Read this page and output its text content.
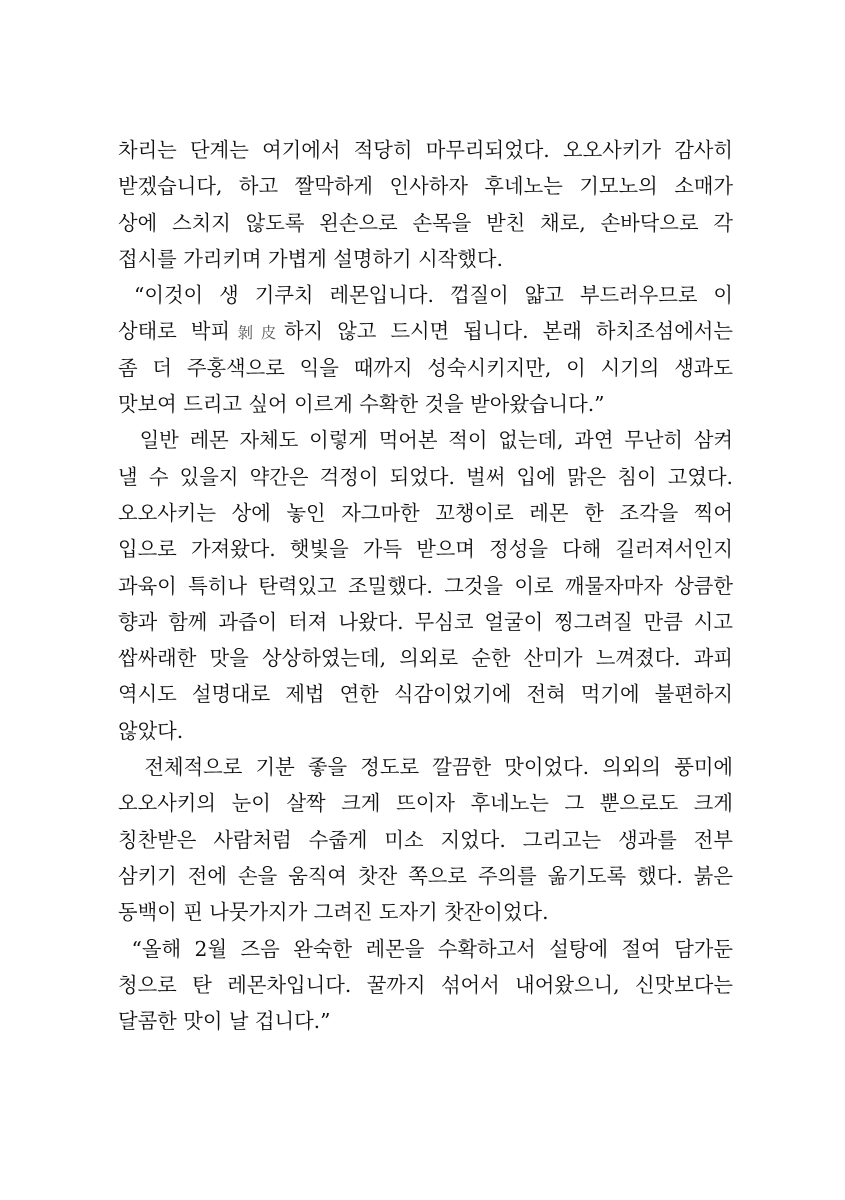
차리는 단계는 여기에서 적당히 마무리되었다. 오오사키가 감사히
받겠습니다, 하고 짤막하게 인사하자 후네노는 기모노의 소매가
상에 스치지 않도록 왼손으로 손목을 받친 채로, 손바닥으로 각
접시를 가리키며 가볍게 설명하기 시작했다.
“이것이 생 기쿠치 레몬입니다. 껍질이 얇고 부드러우므로 이
상태로 박피剝皮하지 않고 드시면 됩니다. 본래 하치조섬에서는
좀 더 주홍색으로 익을 때까지 성숙시키지만, 이 시기의 생과도
맛보여 드리고 싶어 이르게 수확한 것을 받아왔습니다.”
일반 레몬 자체도 이렇게 먹어본 적이 없는데, 과연 무난히 삼켜
낼 수 있을지 약간은 걱정이 되었다. 벌써 입에 맑은 침이 고였다.
오오사키는 상에 놓인 자그마한 꼬챙이로 레몬 한 조각을 찍어
입으로 가져왔다. 햇빛을 가득 받으며 정성을 다해 길러져서인지
과육이 특히나 탄력있고 조밀했다. 그것을 이로 깨물자마자 상큼한
향과 함께 과즙이 터져 나왔다. 무심코 얼굴이 찡그려질 만큼 시고
쌉싸래한 맛을 상상하였는데, 의외로 순한 산미가 느껴졌다. 과피
역시도 설명대로 제법 연한 식감이었기에 전혀 먹기에 불편하지
않았다.
전체적으로 기분 좋을 정도로 깔끔한 맛이었다. 의외의 풍미에
오오사키의 눈이 살짝 크게 뜨이자 후네노는 그 뿐으로도 크게
칭찬받은 사람처럼 수줍게 미소 지었다. 그리고는 생과를 전부
삼키기 전에 손을 움직여 찻잔 쪽으로 주의를 옮기도록 했다. 붉은
동백이 핀 나뭇가지가 그려진 도자기 찻잔이었다.
“올해 2월 즈음 완숙한 레몬을 수확하고서 설탕에 절여 담가둔
청으로 탄 레몬차입니다. 꿀까지 섞어서 내어왔으니, 신맛보다는
달콤한 맛이 날 겁니다.”
